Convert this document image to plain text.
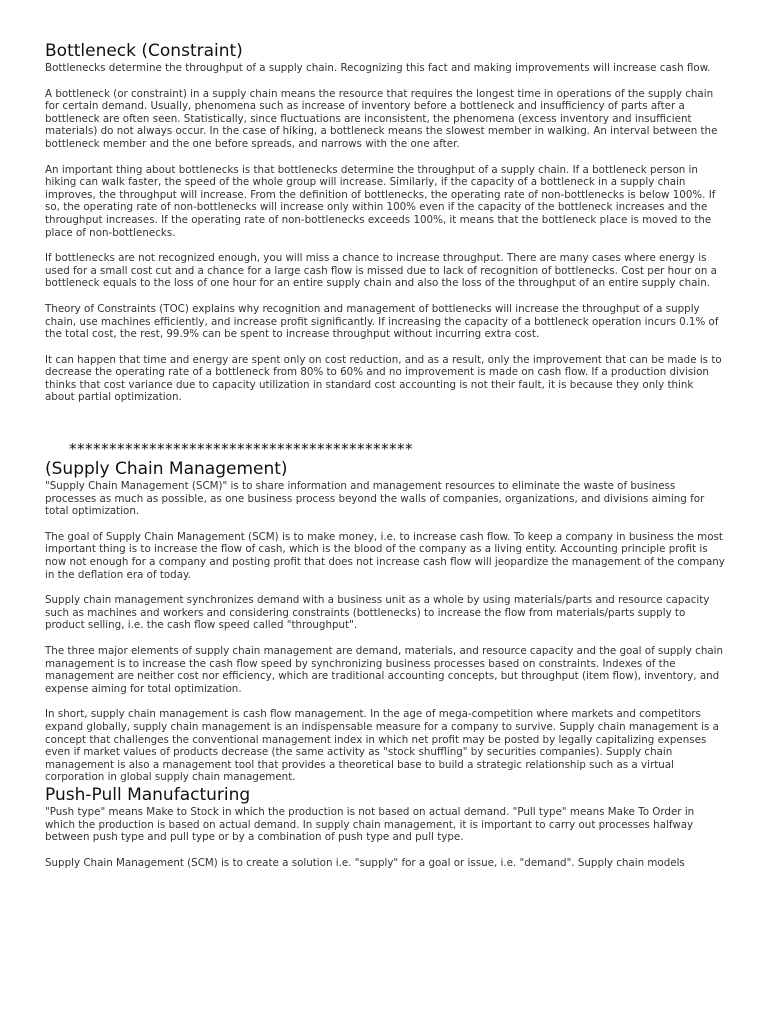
Bottleneck (Constraint)

Bottlenecks determine the throughput of a supply chain. Recognizing this fact and making improvements will increase cash flow.

A bottleneck (or constraint) in a supply chain means the resource that requires the longest time in operations of the supply chain for certain demand. Usually, phenomena such as increase of inventory before a bottleneck and insufficiency of parts after a bottleneck are often seen. Statistically, since fluctuations are inconsistent, the phenomena (excess inventory and insufficient materials) do not always occur. In the case of hiking, a bottleneck means the slowest member in walking. An interval between the bottleneck member and the one before spreads, and narrows with the one after.

An important thing about bottlenecks is that bottlenecks determine the throughput of a supply chain. If a bottleneck person in hiking can walk faster, the speed of the whole group will increase. Similarly, if the capacity of a bottleneck in a supply chain improves, the throughput will increase. From the definition of bottlenecks, the operating rate of non-bottlenecks is below 100%. If so, the operating rate of non-bottlenecks will increase only within 100% even if the capacity of the bottleneck increases and the throughput increases. If the operating rate of non-bottlenecks exceeds 100%, it means that the bottleneck place is moved to the place of non-bottlenecks.

If bottlenecks are not recognized enough, you will miss a chance to increase throughput. There are many cases where energy is used for a small cost cut and a chance for a large cash flow is missed due to lack of recognition of bottlenecks. Cost per hour on a bottleneck equals to the loss of one hour for an entire supply chain and also the loss of the throughput of an entire supply chain.

Theory of Constraints (TOC) explains why recognition and management of bottlenecks will increase the throughput of a supply chain, use machines efficiently, and increase profit significantly. If increasing the capacity of a bottleneck operation incurs 0.1% of the total cost, the rest, 99.9% can be spent to increase throughput without incurring extra cost.

It can happen that time and energy are spent only on cost reduction, and as a result, only the improvement that can be made is to decrease the operating rate of a bottleneck from 80% to 60% and no improvement is made on cash flow. If a production division thinks that cost variance due to capacity utilization in standard cost accounting is not their fault, it is because they only think about partial optimization.

*******************************************
(Supply Chain Management)

"Supply Chain Management (SCM)" is to share information and management resources to eliminate the waste of business processes as much as possible, as one business process beyond the walls of companies, organizations, and divisions aiming for total optimization.

The goal of Supply Chain Management (SCM) is to make money, i.e. to increase cash flow. To keep a company in business the most important thing is to increase the flow of cash, which is the blood of the company as a living entity. Accounting principle profit is now not enough for a company and posting profit that does not increase cash flow will jeopardize the management of the company in the deflation era of today.

Supply chain management synchronizes demand with a business unit as a whole by using materials/parts and resource capacity such as machines and workers and considering constraints (bottlenecks) to increase the flow from materials/parts supply to product selling, i.e. the cash flow speed called "throughput".

The three major elements of supply chain management are demand, materials, and resource capacity and the goal of supply chain management is to increase the cash flow speed by synchronizing business processes based on constraints. Indexes of the management are neither cost nor efficiency, which are traditional accounting concepts, but throughput (item flow), inventory, and expense aiming for total optimization.

In short, supply chain management is cash flow management. In the age of mega-competition where markets and competitors expand globally, supply chain management is an indispensable measure for a company to survive. Supply chain management is a concept that challenges the conventional management index in which net profit may be posted by legally capitalizing expenses even if market values of products decrease (the same activity as "stock shuffling" by securities companies). Supply chain management is also a management tool that provides a theoretical base to build a strategic relationship such as a virtual corporation in global supply chain management.

Push-Pull Manufacturing

"Push type" means Make to Stock in which the production is not based on actual demand. "Pull type" means Make To Order in which the production is based on actual demand. In supply chain management, it is important to carry out processes halfway between push type and pull type or by a combination of push type and pull type.

Supply Chain Management (SCM) is to create a solution i.e. "supply" for a goal or issue, i.e. "demand". Supply chain models
